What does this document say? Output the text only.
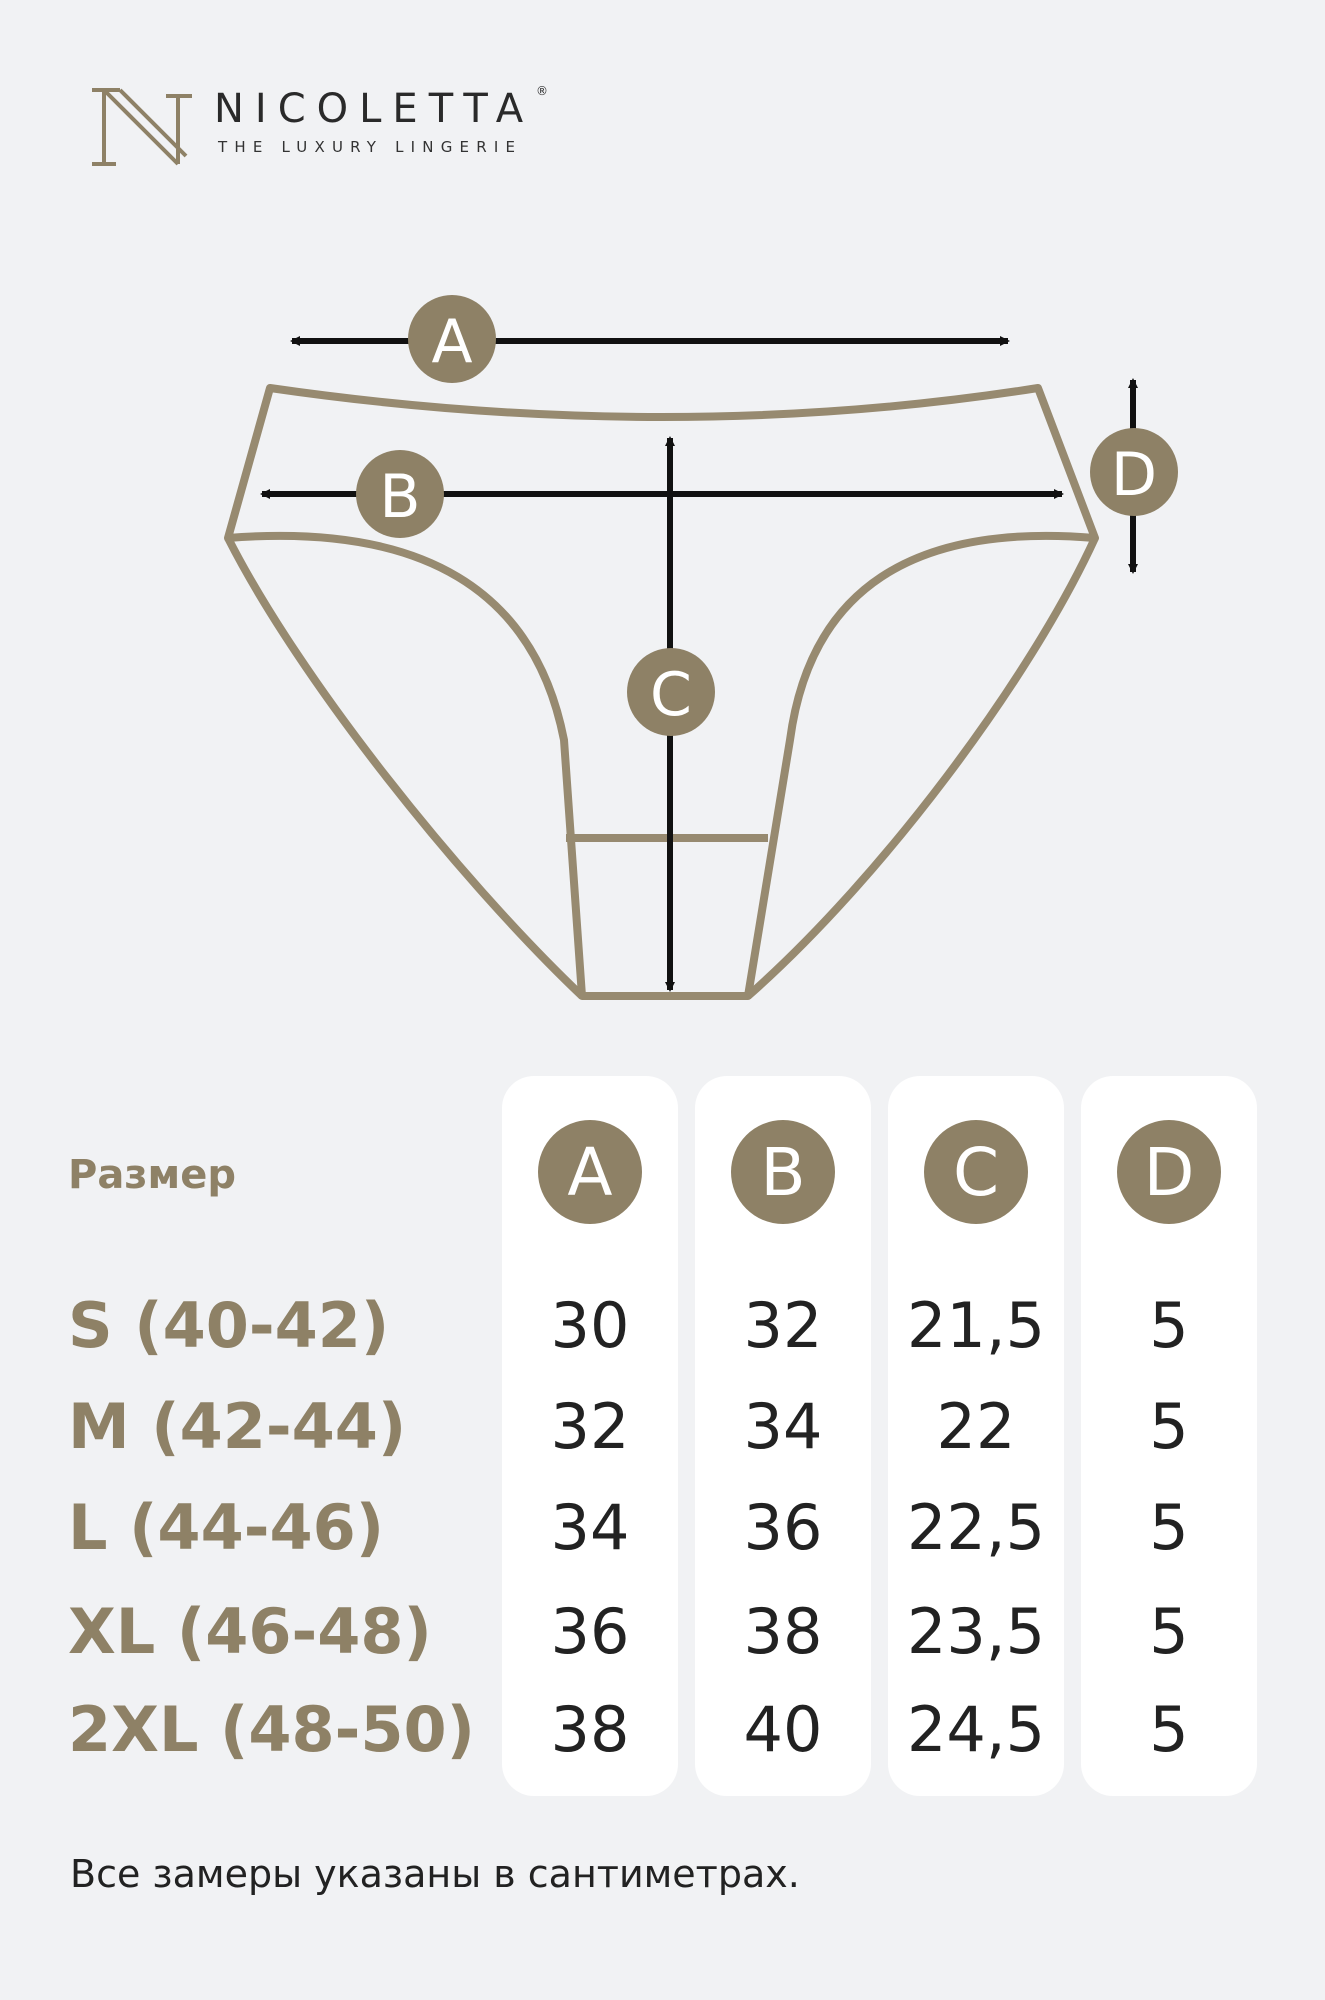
NICOLETTA ®
THE LUXURY LINGERIE
A
B
C
D
A	B	C	D
Размер
S (40-42)	30	32	21,5	5
M (42-44)	32	34	22	5
L (44-46)	34	36	22,5	5
XL (46-48)	36	38	23,5	5
2XL (48-50)	38	40	24,5	5
Все замеры указаны в сантиметрах.
